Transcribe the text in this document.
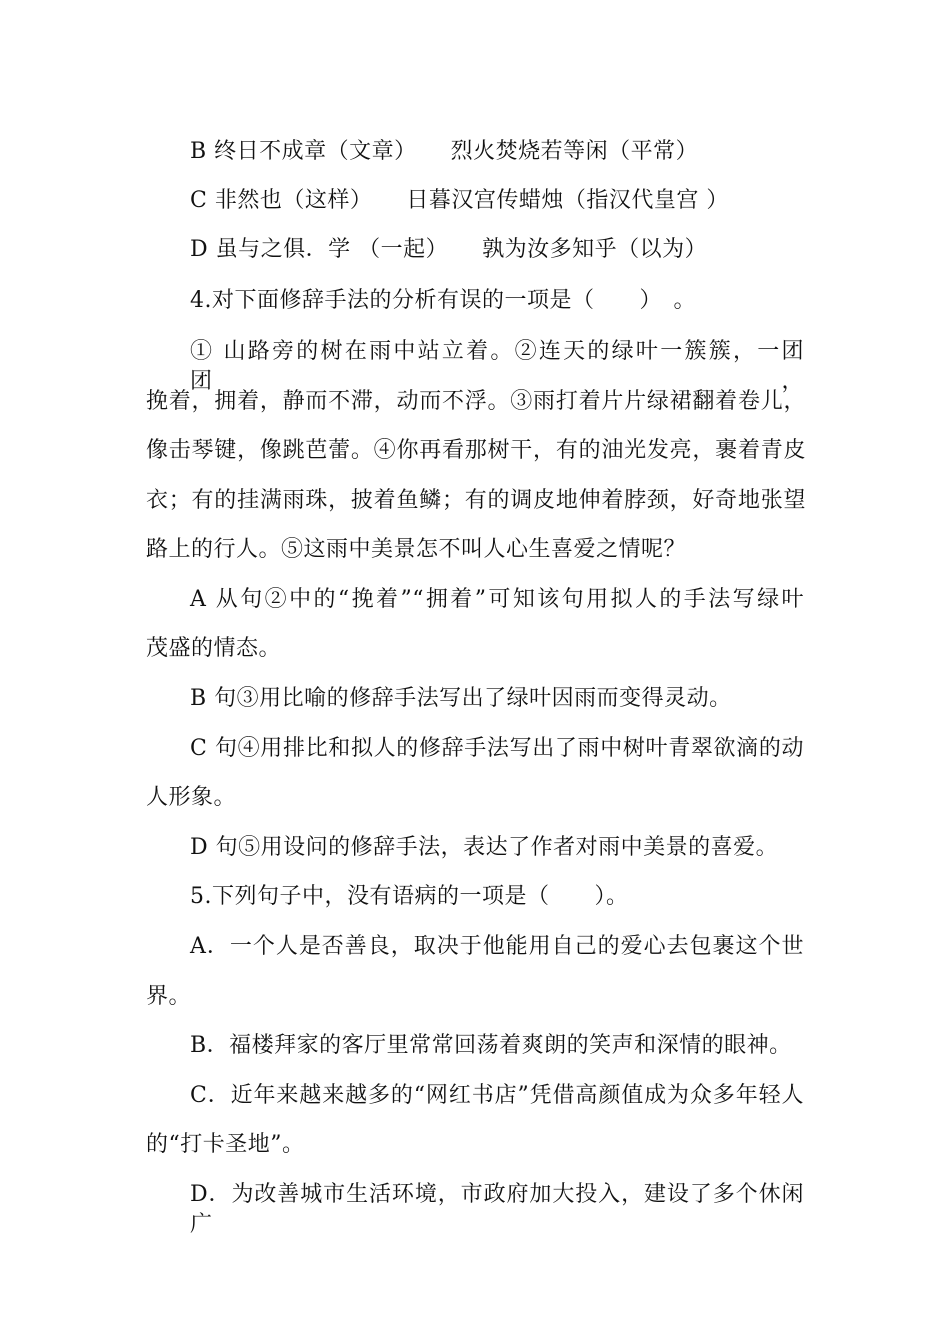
B 终日不成章（文章）　　烈火焚烧若等闲（平常）
C 非然也（这样）　　日暮汉宫传蜡烛（指汉代皇宫 ）
D 虽与之俱．学 （一起）　　孰为汝多知乎（以为）
4.对下面修辞手法的分析有误的一项是（　　）　。
① 山路旁的树在雨中站立着。②连天的绿叶一簇簇，一团团，
挽着，拥着，静而不滞，动而不浮。③雨打着片片绿裙翻着卷儿，
像击琴键，像跳芭蕾。④你再看那树干，有的油光发亮，裹着青皮
衣；有的挂满雨珠，披着鱼鳞；有的调皮地伸着脖颈，好奇地张望
路上的行人。⑤这雨中美景怎不叫人心生喜爱之情呢？
A 从句②中的“挽着”“拥着”可知该句用拟人的手法写绿叶
茂盛的情态。
B 句③用比喻的修辞手法写出了绿叶因雨而变得灵动。
C 句④用排比和拟人的修辞手法写出了雨中树叶青翠欲滴的动
人形象。
D 句⑤用设问的修辞手法，表达了作者对雨中美景的喜爱。
5.下列句子中，没有语病的一项是（　　）。
A．一个人是否善良，取决于他能用自己的爱心去包裹这个世
界。
B．福楼拜家的客厅里常常回荡着爽朗的笑声和深情的眼神。
C．近年来越来越多的“网红书店”凭借高颜值成为众多年轻人
的“打卡圣地”。
D．为改善城市生活环境，市政府加大投入，建设了多个休闲广
